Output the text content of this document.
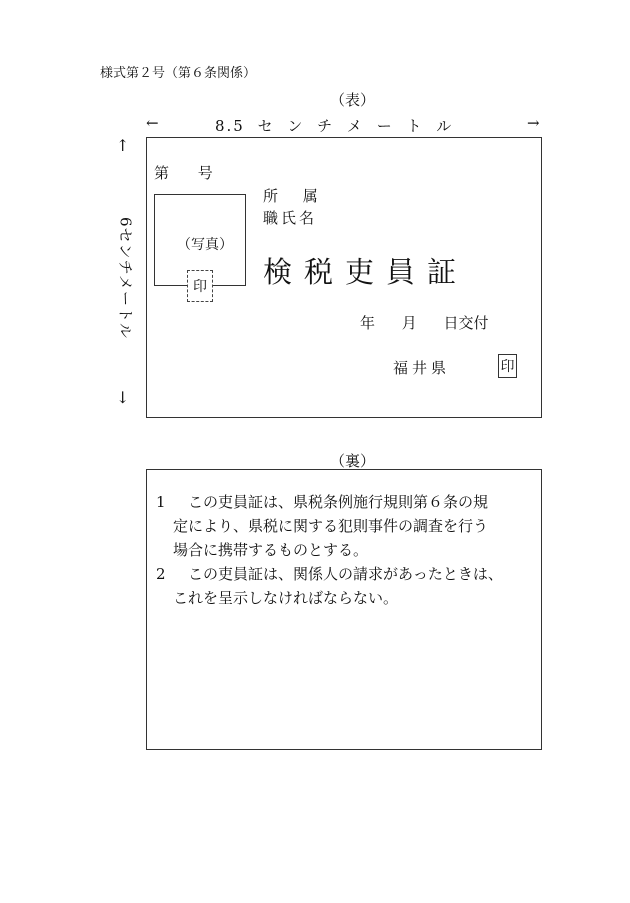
様式第２号（第６条関係）
（表）
←	8.5 セ ン チ メ ー ト ル	→
↑
6センチメートル
↓
第 号
（写真）
印
所 属
職氏名
検税吏員証
年 月 日交付
福井県	印
（裏）

1 この吏員証は、県税条例施行規則第６条の規
定により、県税に関する犯則事件の調査を行う
場合に携帯するものとする。

2 この吏員証は、関係人の請求があったときは、
これを呈示しなければならない。
